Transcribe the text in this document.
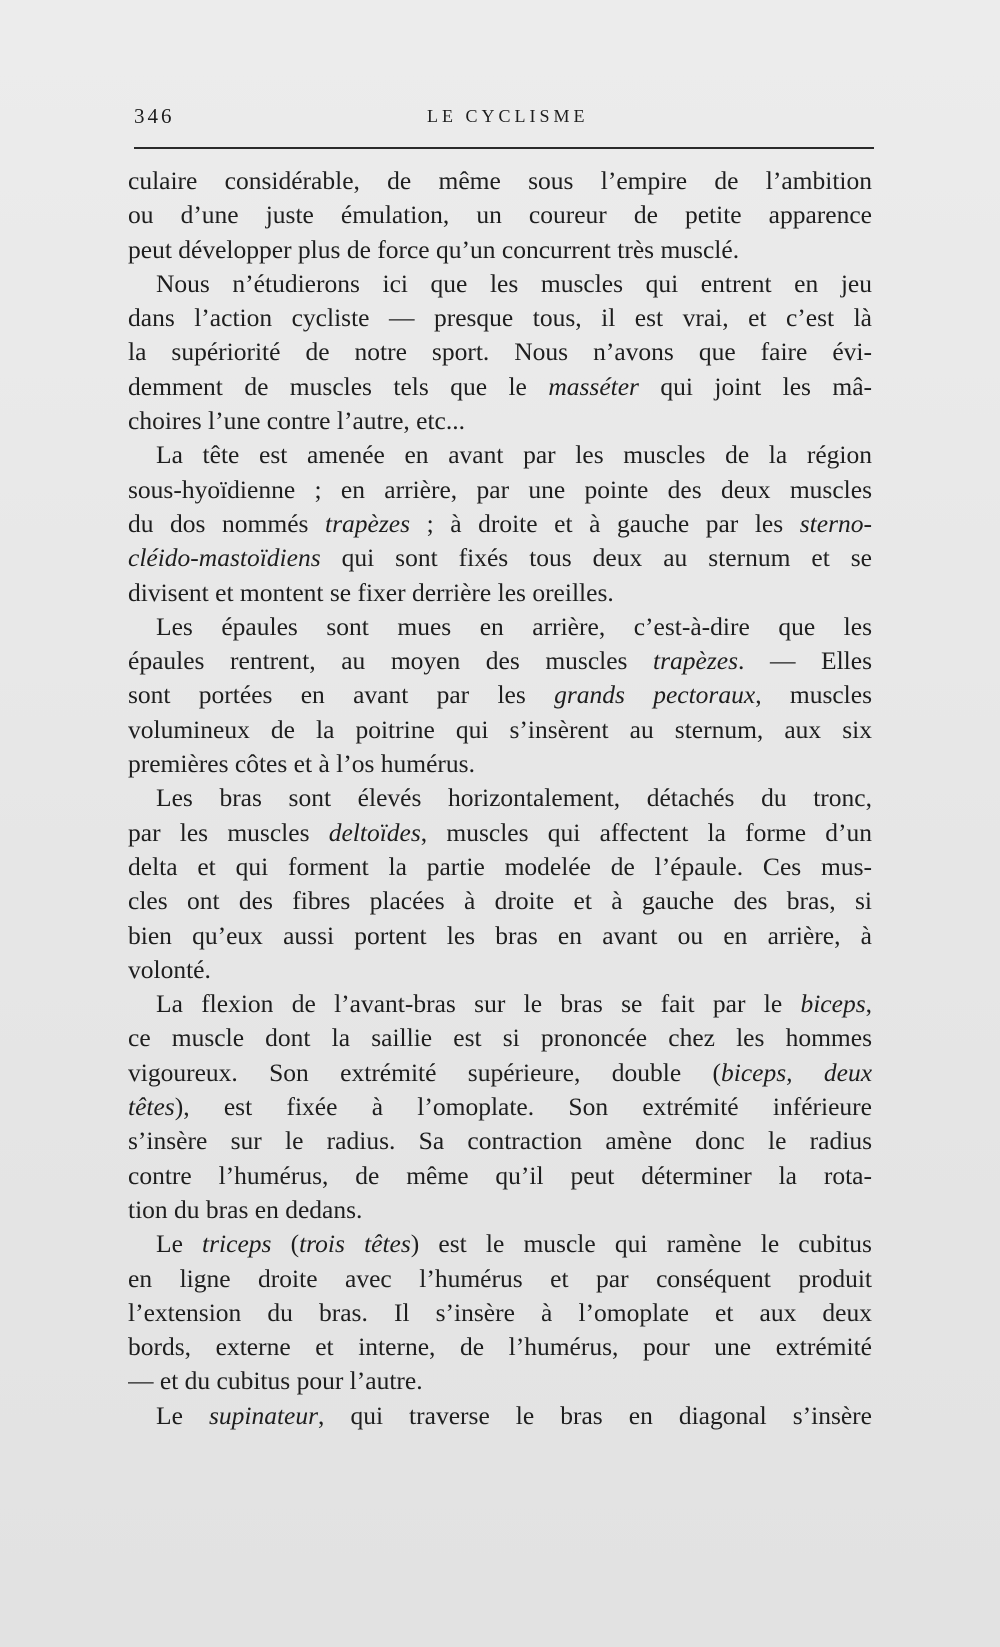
346	LE CYCLISME
culaire considérable, de même sous l’empire de l’ambition
ou d’une juste émulation, un coureur de petite apparence
peut développer plus de force qu’un concurrent très musclé.
Nous n’étudierons ici que les muscles qui entrent en jeu
dans l’action cycliste — presque tous, il est vrai, et c’est là
la supériorité de notre sport. Nous n’avons que faire évi-
demment de muscles tels que le masséter qui joint les mâ-
choires l’une contre l’autre, etc...
La tête est amenée en avant par les muscles de la région
sous-hyoïdienne ; en arrière, par une pointe des deux muscles
du dos nommés trapèzes ; à droite et à gauche par les sterno-
cléido-mastoïdiens qui sont fixés tous deux au sternum et se
divisent et montent se fixer derrière les oreilles.
Les épaules sont mues en arrière, c’est-à-dire que les
épaules rentrent, au moyen des muscles trapèzes. — Elles
sont portées en avant par les grands pectoraux, muscles
volumineux de la poitrine qui s’insèrent au sternum, aux six
premières côtes et à l’os humérus.
Les bras sont élevés horizontalement, détachés du tronc,
par les muscles deltoïdes, muscles qui affectent la forme d’un
delta et qui forment la partie modelée de l’épaule. Ces mus-
cles ont des fibres placées à droite et à gauche des bras, si
bien qu’eux aussi portent les bras en avant ou en arrière, à
volonté.
La flexion de l’avant-bras sur le bras se fait par le biceps,
ce muscle dont la saillie est si prononcée chez les hommes
vigoureux. Son extrémité supérieure, double (biceps, deux
têtes), est fixée à l’omoplate. Son extrémité inférieure
s’insère sur le radius. Sa contraction amène donc le radius
contre l’humérus, de même qu’il peut déterminer la rota-
tion du bras en dedans.
Le triceps (trois têtes) est le muscle qui ramène le cubitus
en ligne droite avec l’humérus et par conséquent produit
l’extension du bras. Il s’insère à l’omoplate et aux deux
bords, externe et interne, de l’humérus, pour une extrémité
— et du cubitus pour l’autre.
Le supinateur, qui traverse le bras en diagonal s’insère
